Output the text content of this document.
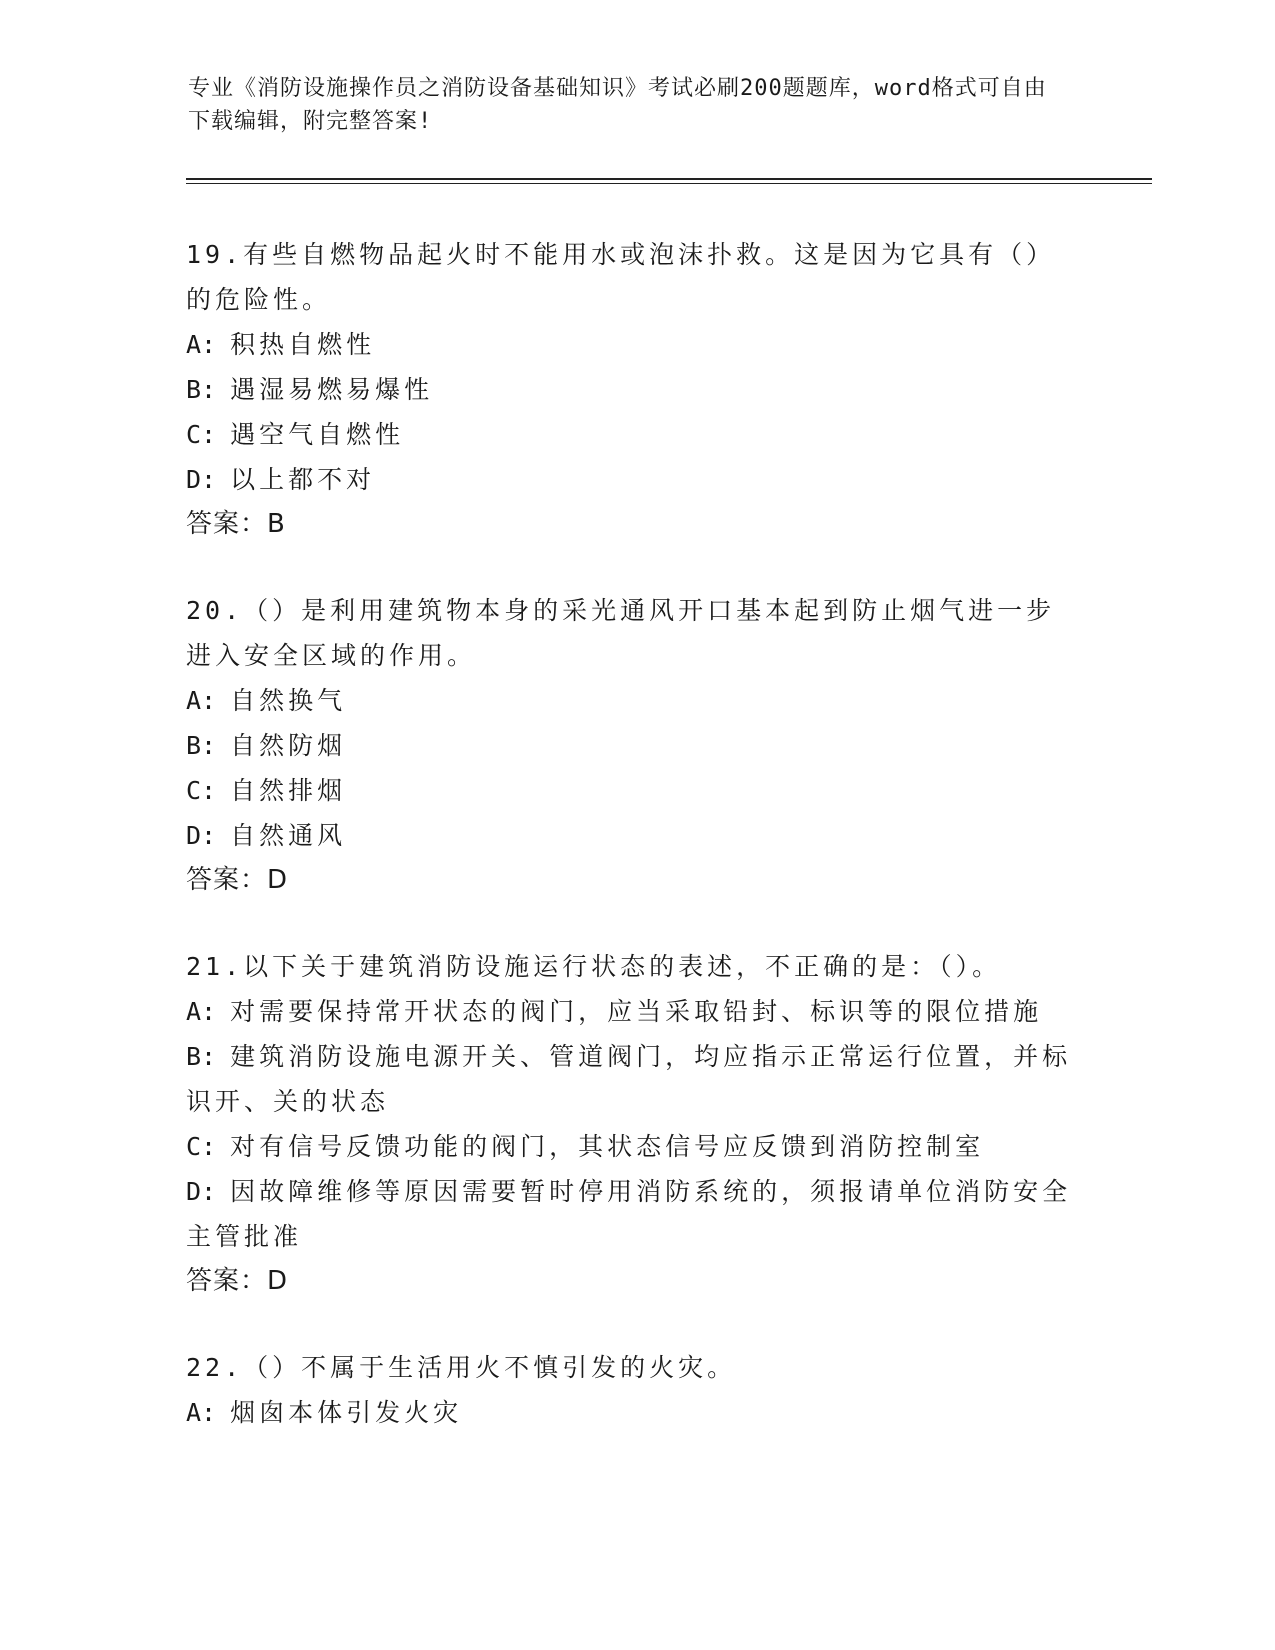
专业《消防设施操作员之消防设备基础知识》考试必刷200题题库，word格式可自由下载编辑，附完整答案!
19.有些自燃物品起火时不能用水或泡沫扑救。这是因为它具有（）的危险性。
A: 积热自燃性
B: 遇湿易燃易爆性
C: 遇空气自燃性
D: 以上都不对
答案：B
20.（）是利用建筑物本身的采光通风开口基本起到防止烟气进一步进入安全区域的作用。
A: 自然换气
B: 自然防烟
C: 自然排烟
D: 自然通风
答案：D
21.以下关于建筑消防设施运行状态的表述，不正确的是：（）。
A: 对需要保持常开状态的阀门，应当采取铅封、标识等的限位措施
B: 建筑消防设施电源开关、管道阀门，均应指示正常运行位置，并标识开、关的状态
C: 对有信号反馈功能的阀门，其状态信号应反馈到消防控制室
D: 因故障维修等原因需要暂时停用消防系统的，须报请单位消防安全主管批准
答案：D
22.（）不属于生活用火不慎引发的火灾。
A: 烟囱本体引发火灾
